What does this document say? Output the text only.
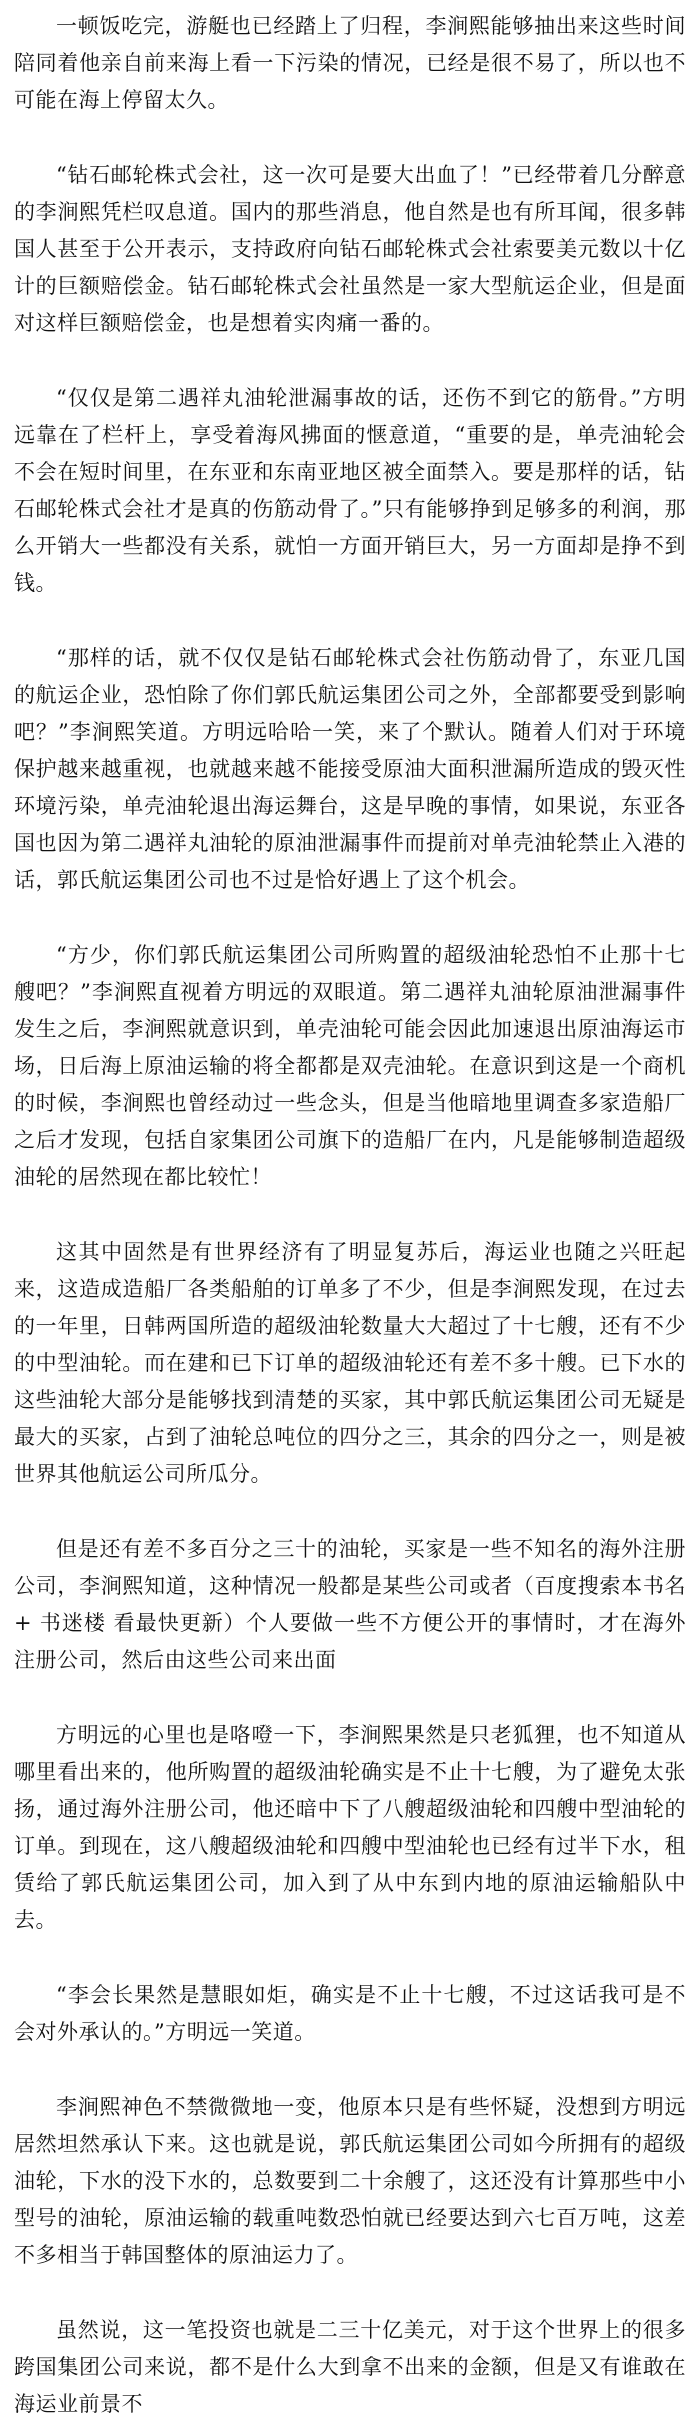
一顿饭吃完，游艇也已经踏上了归程，李涧熙能够抽出来这些时间陪同着他亲自前来海上看一下污染的情况，已经是很不易了，所以也不可能在海上停留太久。

“钻石邮轮株式会社，这一次可是要大出血了！”已经带着几分醉意的李涧熙凭栏叹息道。国内的那些消息，他自然是也有所耳闻，很多韩国人甚至于公开表示，支持政府向钻石邮轮株式会社索要美元数以十亿计的巨额赔偿金。钻石邮轮株式会社虽然是一家大型航运企业，但是面对这样巨额赔偿金，也是想着实肉痛一番的。

“仅仅是第二遇祥丸油轮泄漏事故的话，还伤不到它的筋骨。”方明远靠在了栏杆上，享受着海风拂面的惬意道，“重要的是，单壳油轮会不会在短时间里，在东亚和东南亚地区被全面禁入。要是那样的话，钻石邮轮株式会社才是真的伤筋动骨了。”只有能够挣到足够多的利润，那么开销大一些都没有关系，就怕一方面开销巨大，另一方面却是挣不到钱。

“那样的话，就不仅仅是钻石邮轮株式会社伤筋动骨了，东亚几国的航运企业，恐怕除了你们郭氏航运集团公司之外，全部都要受到影响吧？”李涧熙笑道。方明远哈哈一笑，来了个默认。随着人们对于环境保护越来越重视，也就越来越不能接受原油大面积泄漏所造成的毁灭性环境污染，单壳油轮退出海运舞台，这是早晚的事情，如果说，东亚各国也因为第二遇祥丸油轮的原油泄漏事件而提前对单壳油轮禁止入港的话，郭氏航运集团公司也不过是恰好遇上了这个机会。

“方少，你们郭氏航运集团公司所购置的超级油轮恐怕不止那十七艘吧？”李涧熙直视着方明远的双眼道。第二遇祥丸油轮原油泄漏事件发生之后，李涧熙就意识到，单壳油轮可能会因此加速退出原油海运市场，日后海上原油运输的将全都都是双壳油轮。在意识到这是一个商机的时候，李涧熙也曾经动过一些念头，但是当他暗地里调查多家造船厂之后才发现，包括自家集团公司旗下的造船厂在内，凡是能够制造超级油轮的居然现在都比较忙！

这其中固然是有世界经济有了明显复苏后，海运业也随之兴旺起来，这造成造船厂各类船舶的订单多了不少，但是李涧熙发现，在过去的一年里，日韩两国所造的超级油轮数量大大超过了十七艘，还有不少的中型油轮。而在建和已下订单的超级油轮还有差不多十艘。已下水的这些油轮大部分是能够找到清楚的买家，其中郭氏航运集团公司无疑是最大的买家，占到了油轮总吨位的四分之三，其余的四分之一，则是被世界其他航运公司所瓜分。

但是还有差不多百分之三十的油轮，买家是一些不知名的海外注册公司，李涧熙知道，这种情况一般都是某些公司或者（百度搜索本书名+ 书迷楼 看最快更新）个人要做一些不方便公开的事情时，才在海外注册公司，然后由这些公司来出面

方明远的心里也是咯噔一下，李涧熙果然是只老狐狸，也不知道从哪里看出来的，他所购置的超级油轮确实是不止十七艘，为了避免太张扬，通过海外注册公司，他还暗中下了八艘超级油轮和四艘中型油轮的订单。到现在，这八艘超级油轮和四艘中型油轮也已经有过半下水，租赁给了郭氏航运集团公司，加入到了从中东到内地的原油运输船队中去。

“李会长果然是慧眼如炬，确实是不止十七艘，不过这话我可是不会对外承认的。”方明远一笑道。

李涧熙神色不禁微微地一变，他原本只是有些怀疑，没想到方明远居然坦然承认下来。这也就是说，郭氏航运集团公司如今所拥有的超级油轮，下水的没下水的，总数要到二十余艘了，这还没有计算那些中小型号的油轮，原油运输的载重吨数恐怕就已经要达到六七百万吨，这差不多相当于韩国整体的原油运力了。

虽然说，这一笔投资也就是二三十亿美元，对于这个世界上的很多跨国集团公司来说，都不是什么大到拿不出来的金额，但是又有谁敢在海运业前景不
